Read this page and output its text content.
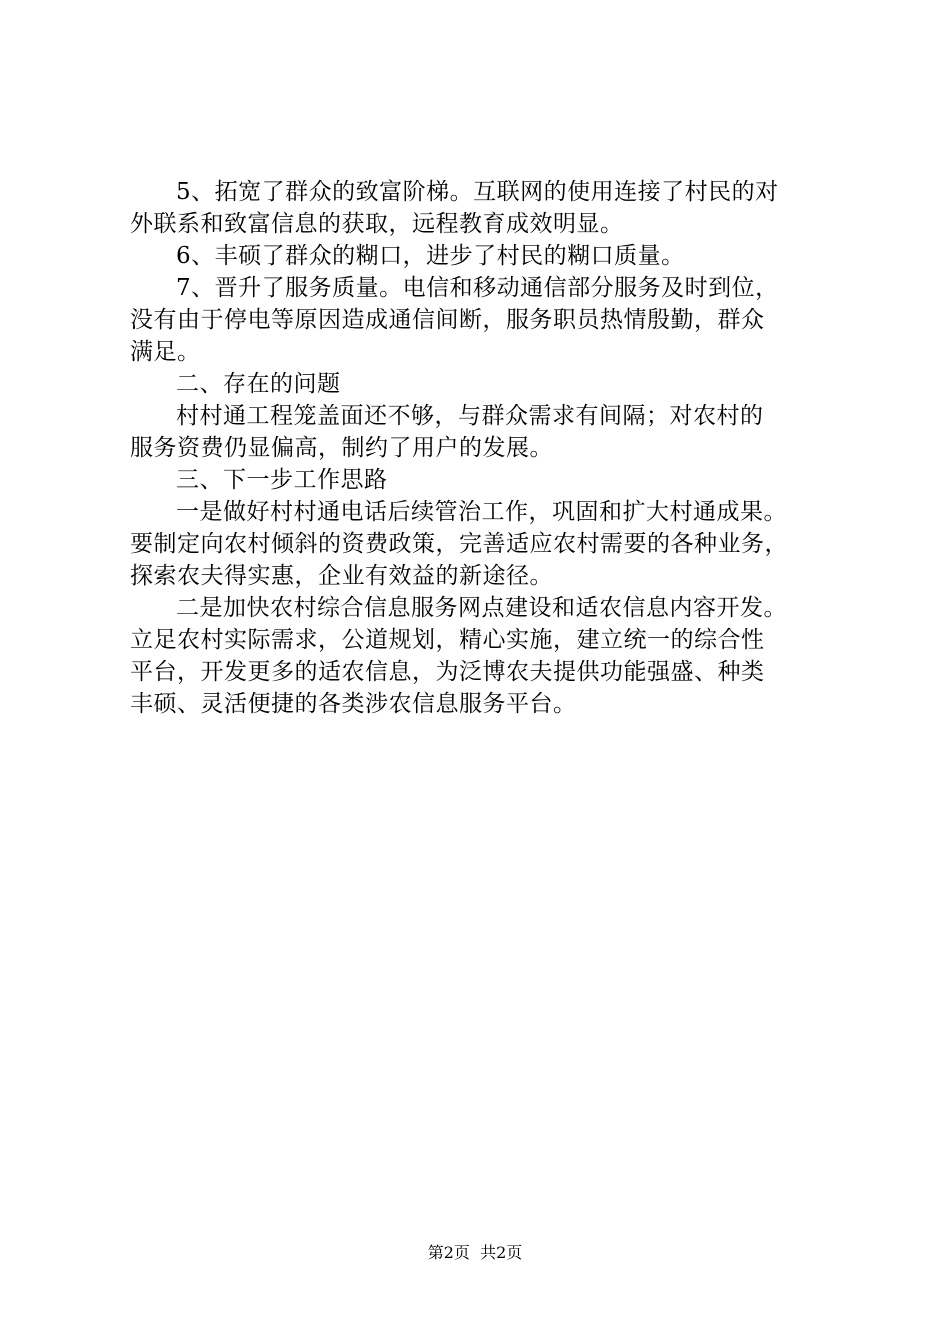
5、拓宽了群众的致富阶梯。互联网的使用连接了村民的对
外联系和致富信息的获取，远程教育成效明显。
6、丰硕了群众的糊口，进步了村民的糊口质量。
7、晋升了服务质量。电信和移动通信部分服务及时到位，
没有由于停电等原因造成通信间断，服务职员热情殷勤，群众
满足。
二、存在的问题
村村通工程笼盖面还不够，与群众需求有间隔；对农村的
服务资费仍显偏高，制约了用户的发展。
三、下一步工作思路
一是做好村村通电话后续管治工作，巩固和扩大村通成果。
要制定向农村倾斜的资费政策，完善适应农村需要的各种业务，
探索农夫得实惠，企业有效益的新途径。
二是加快农村综合信息服务网点建设和适农信息内容开发。
立足农村实际需求，公道规划，精心实施，建立统一的综合性
平台，开发更多的适农信息，为泛博农夫提供功能强盛、种类
丰硕、灵活便捷的各类涉农信息服务平台。
第2页  共2页
